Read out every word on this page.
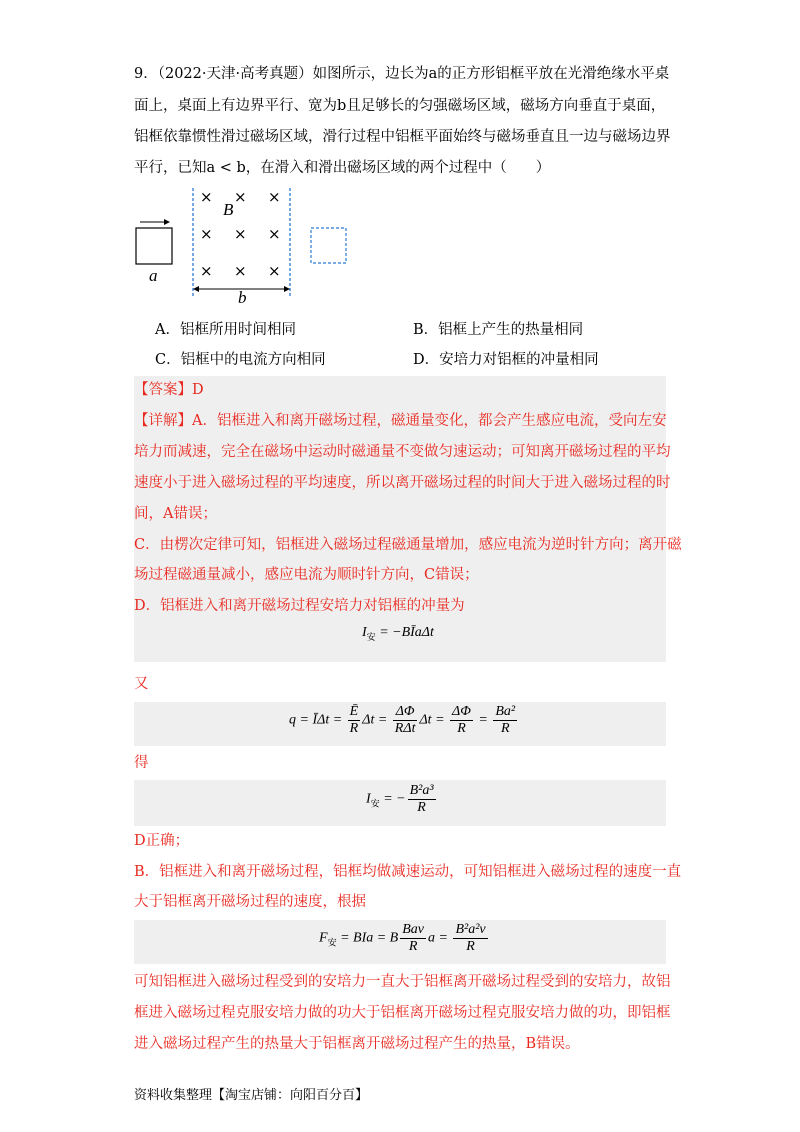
9．（2022·天津·高考真题）如图所示，边长为a的正方形铝框平放在光滑绝缘水平桌
面上，桌面上有边界平行、宽为b且足够长的匀强磁场区域，磁场方向垂直于桌面，
铝框依靠惯性滑过磁场区域，滑行过程中铝框平面始终与磁场垂直且一边与磁场边界
平行，已知a < b，在滑入和滑出磁场区域的两个过程中（　　）
× × ×
× × ×
× × ×
B
b
a
A．铝框所用时间相同	B．铝框上产生的热量相同
C．铝框中的电流方向相同	D．安培力对铝框的冲量相同
【答案】D
【详解】A．铝框进入和离开磁场过程，磁通量变化，都会产生感应电流，受向左安
培力而减速，完全在磁场中运动时磁通量不变做匀速运动；可知离开磁场过程的平均
速度小于进入磁场过程的平均速度，所以离开磁场过程的时间大于进入磁场过程的时
间，A错误；
C．由楞次定律可知，铝框进入磁场过程磁通量增加，感应电流为逆时针方向；离开磁
场过程磁通量减小，感应电流为顺时针方向，C错误；
D．铝框进入和离开磁场过程安培力对铝框的冲量为
$I_安$ = −BĪaΔt
又
q = ĪΔt = $\frac{Ē}{R}$ $\Delta t = \frac{\Delta\Phi}{\text{RΔt}}$ $\Delta t = \frac{\Delta\Phi}{R} = \frac{\text{Ba²}}{R}$
得
$I_安$ = − $\frac{\text{B²a³}}{R}$
D正确；
B．铝框进入和离开磁场过程，铝框均做减速运动，可知铝框进入磁场过程的速度一直
大于铝框离开磁场过程的速度，根据
$F_安$ = BIa = B $\frac{\text{Bav}}{R}$ $a = \frac{\text{B²a²v}}{R}$
可知铝框进入磁场过程受到的安培力一直大于铝框离开磁场过程受到的安培力，故铝
框进入磁场过程克服安培力做的功大于铝框离开磁场过程克服安培力做的功，即铝框
进入磁场过程产生的热量大于铝框离开磁场过程产生的热量，B错误。
资料收集整理【淘宝店铺：向阳百分百】
